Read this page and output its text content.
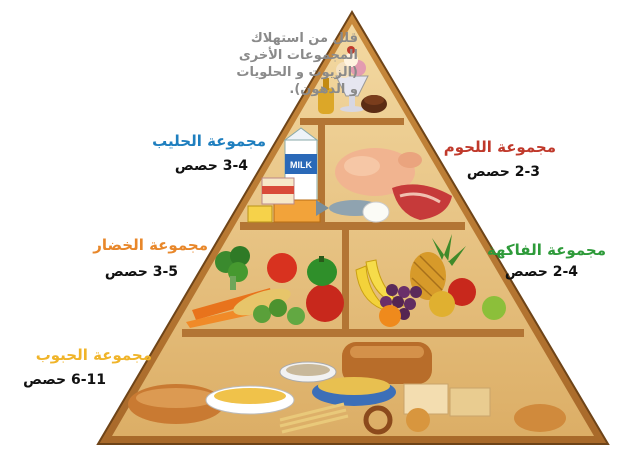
MILK
قلل من استهلاك المجموعات الأخرى (الزيوت و الحلويات و الدهون).
مجموعة الحليب
3-4 حصص
مجموعة اللحوم
2-3 حصص
مجموعة الخضار
3-5 حصص
مجموعة الفاكهة
2-4 حصص
مجموعة الحبوب
6-11 حصص
